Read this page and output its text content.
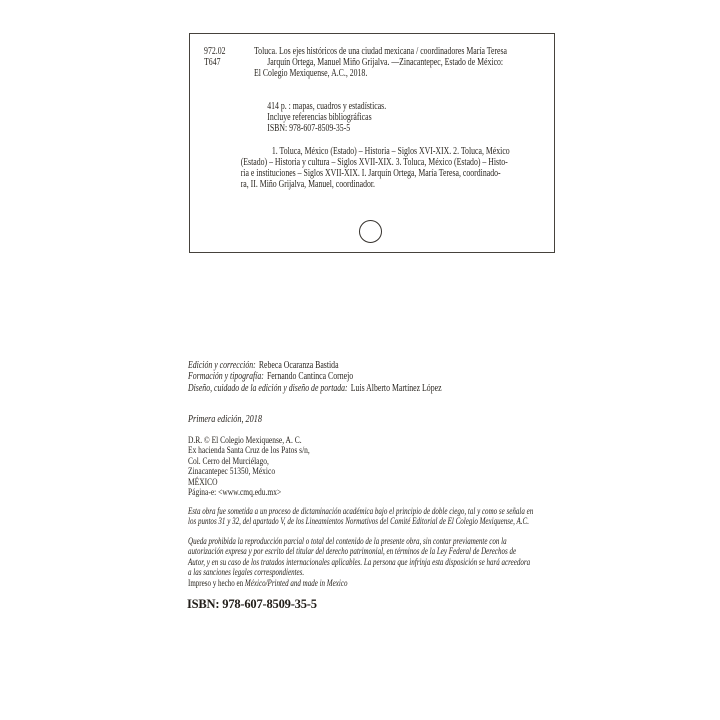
972.02
T647
Toluca. Los ejes históricos de una ciudad mexicana / coordinadores María Teresa
Jarquín Ortega, Manuel Miño Grijalva. —Zinacantepec, Estado de México:
El Colegio Mexiquense, A.C., 2018.
414 p. : mapas, cuadros y estadísticas.
Incluye referencias bibliográficas
ISBN: 978-607-8509-35-5
1. Toluca, México (Estado) – Historia – Siglos XVI-XIX. 2. Toluca, México
(Estado) – Historia y cultura – Siglos XVII-XIX. 3. Toluca, México (Estado) – Histo-
ria e instituciones – Siglos XVII-XIX. I. Jarquín Ortega, María Teresa, coordinado-
ra, II. Miño Grijalva, Manuel, coordinador.
Edición y corrección: Rebeca Ocaranza Bastida
Formación y tipografía: Fernando Cantinca Cornejo
Diseño, cuidado de la edición y diseño de portada: Luis Alberto Martínez López
Primera edición, 2018
D.R. © El Colegio Mexiquense, A. C.
Ex hacienda Santa Cruz de los Patos s/n,
Col. Cerro del Murciélago,
Zinacantepec 51350, México
MÉXICO
Página-e: <www.cmq.edu.mx>
Esta obra fue sometida a un proceso de dictaminación académica bajo el principio de doble ciego, tal y como se señala en
los puntos 31 y 32, del apartado V, de los Lineamientos Normativos del Comité Editorial de El Colegio Mexiquense, A.C.
Queda prohibida la reproducción parcial o total del contenido de la presente obra, sin contar previamente con la
autorización expresa y por escrito del titular del derecho patrimonial, en términos de la Ley Federal de Derechos de
Autor, y en su caso de los tratados internacionales aplicables. La persona que infrinja esta disposición se hará acreedora
a las sanciones legales correspondientes.
Impreso y hecho en México/Printed and made in Mexico
ISBN: 978-607-8509-35-5
